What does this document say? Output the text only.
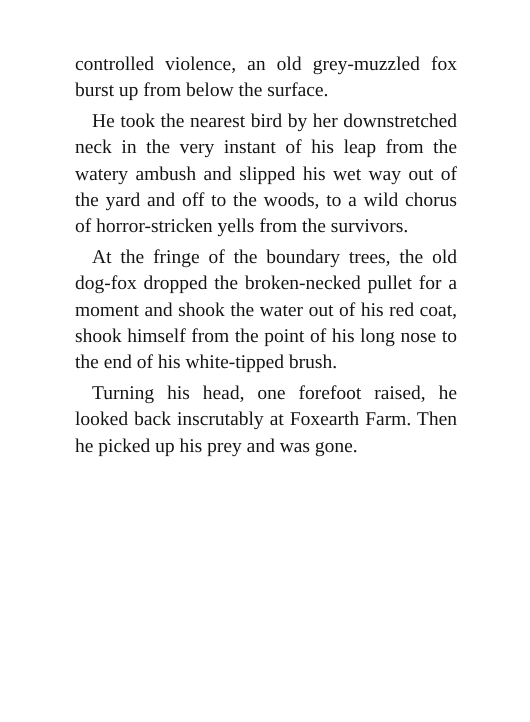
controlled violence, an old grey-muzzled fox burst up from below the surface.

He took the nearest bird by her downstretched neck in the very instant of his leap from the watery ambush and slipped his wet way out of the yard and off to the woods, to a wild chorus of horror-stricken yells from the survivors.

At the fringe of the boundary trees, the old dog-fox dropped the broken-necked pullet for a moment and shook the water out of his red coat, shook himself from the point of his long nose to the end of his white-tipped brush.

Turning his head, one forefoot raised, he looked back inscrutably at Foxearth Farm. Then he picked up his prey and was gone.
